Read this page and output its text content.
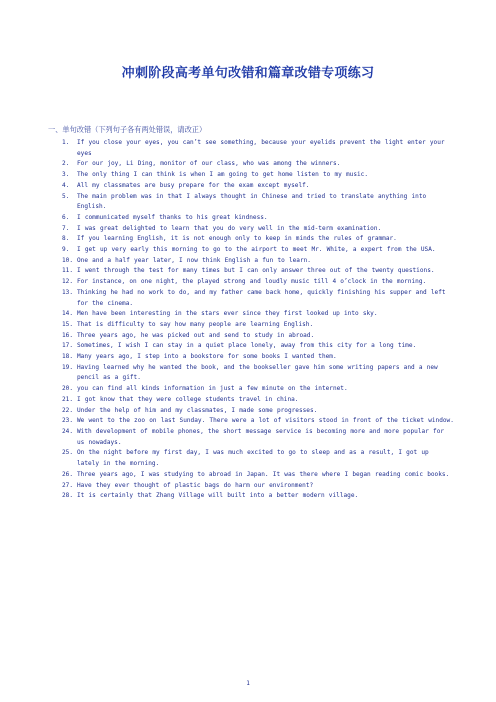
冲刺阶段高考单句改错和篇章改错专项练习
一、单句改错（下列句子各有两处错误，请改正）
1.	If you close your eyes, you can’t see something, because your eyelids prevent the light enter your eyes
2.	For our joy, Li Ding, monitor of our class, who was among the winners.
3.	The only thing I can think is when I am going to get home listen to my music.
4.	All my classmates are busy prepare for the exam except myself.
5.	The main problem was in that I always thought in Chinese and tried to translate anything into English.
6.	I communicated myself thanks to his great kindness.
7.	I was great delighted to learn that you do very well in the mid-term examination.
8.	If you learning English, it is not enough only to keep in minds the rules of grammar.
9.	I get up very early this morning to go to the airport to meet Mr. White, a expert from the USA.
10. One and a half year later, I now think English a fun to learn.
11. I went through the test for many times but I can only answer three out of the twenty questions.
12. For instance, on one night, the played strong and loudly music till 4 o’clock in the morning.
13. Thinking he had no work to do, and my father came back home, quickly finishing his supper and left for the cinema.
14. Men have been interesting in the stars ever since they first looked up into sky.
15. That is difficulty to say how many people are learning English.
16. Three years ago, he was picked out and send to study in abroad.
17. Sometimes, I wish I can stay in a quiet place lonely, away from this city for a long time.
18. Many years ago, I step into a bookstore for some books I wanted them.
19. Having learned why he wanted the book, and the bookseller gave him some writing papers and a new pencil as a gift.
20. you can find all kinds information in just a few minute on the internet.
21. I got know that they were college students travel in china.
22. Under the help of him and my classmates, I made some progresses.
23. We went to the zoo on last Sunday. There were a lot of visitors stood in front of the ticket window.
24. With development of mobile phones, the short message service is becoming more and more popular for us nowadays.
25. On the night before my first day, I was much excited to go to sleep and as a result, I got up lately in the morning.
26. Three years ago, I was studying to abroad in Japan. It was there where I began reading comic books.
27. Have they ever thought of plastic bags do harm our environment?
28. It is certainly that Zhang Village will built into a better modern village.
1
